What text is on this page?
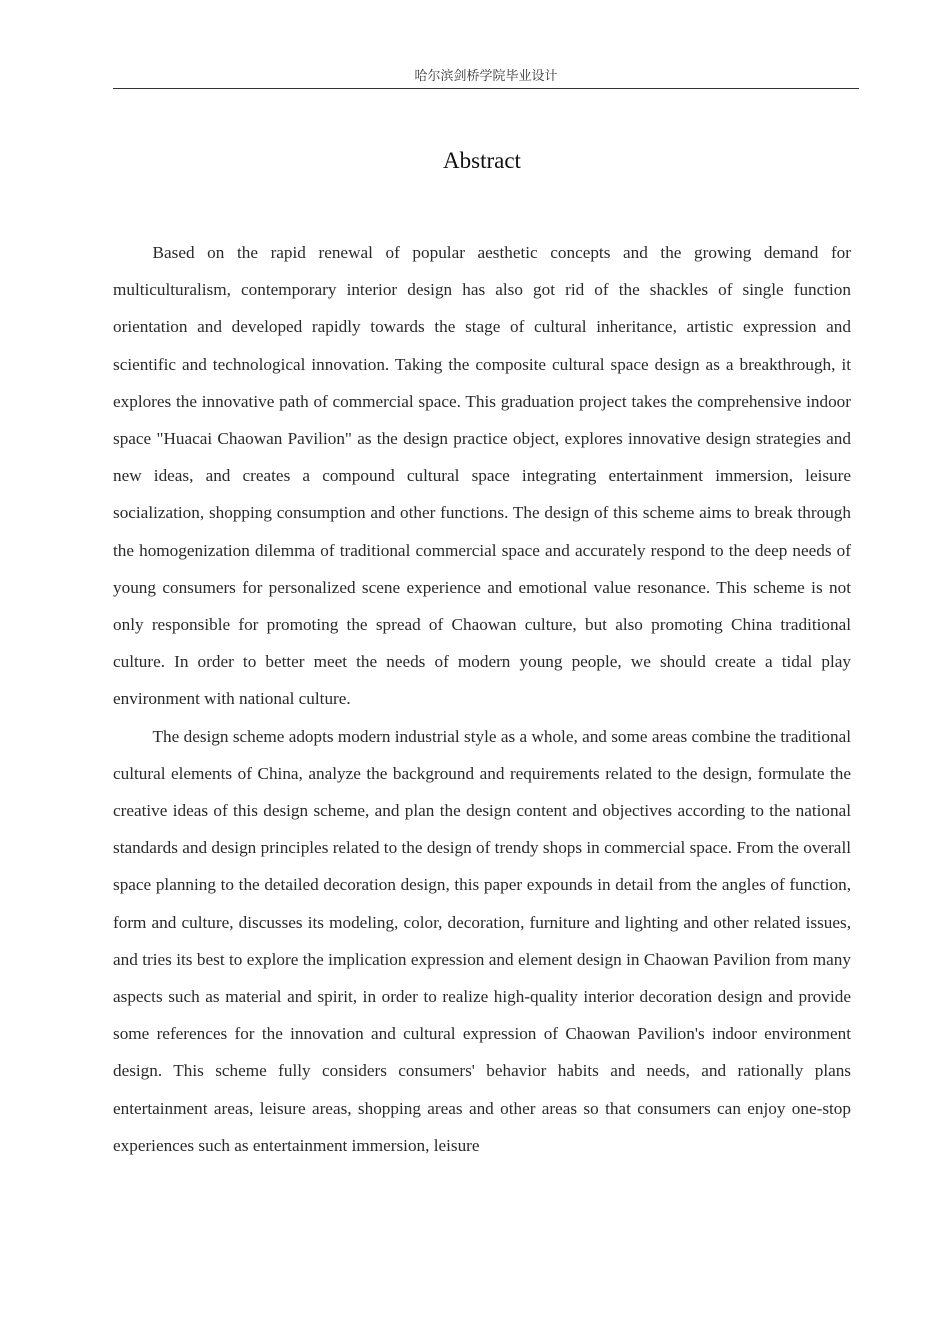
哈尔滨剑桥学院毕业设计
Abstract

Based on the rapid renewal of popular aesthetic concepts and the growing demand for multiculturalism, contemporary interior design has also got rid of the shackles of single function orientation and developed rapidly towards the stage of cultural inheritance, artistic expression and scientific and technological innovation. Taking the composite cultural space design as a breakthrough, it explores the innovative path of commercial space. This graduation project takes the comprehensive indoor space "Huacai Chaowan Pavilion" as the design practice object, explores innovative design strategies and new ideas, and creates a compound cultural space integrating entertainment immersion, leisure socialization, shopping consumption and other functions. The design of this scheme aims to break through the homogenization dilemma of traditional commercial space and accurately respond to the deep needs of young consumers for personalized scene experience and emotional value resonance. This scheme is not only responsible for promoting the spread of Chaowan culture, but also promoting China traditional culture. In order to better meet the needs of modern young people, we should create a tidal play environment with national culture.

The design scheme adopts modern industrial style as a whole, and some areas combine the traditional cultural elements of China, analyze the background and requirements related to the design, formulate the creative ideas of this design scheme, and plan the design content and objectives according to the national standards and design principles related to the design of trendy shops in commercial space. From the overall space planning to the detailed decoration design, this paper expounds in detail from the angles of function, form and culture, discusses its modeling, color, decoration, furniture and lighting and other related issues, and tries its best to explore the implication expression and element design in Chaowan Pavilion from many aspects such as material and spirit, in order to realize high-quality interior decoration design and provide some references for the innovation and cultural expression of Chaowan Pavilion's indoor environment design. This scheme fully considers consumers' behavior habits and needs, and rationally plans entertainment areas, leisure areas, shopping areas and other areas so that consumers can enjoy one-stop experiences such as entertainment immersion, leisure
